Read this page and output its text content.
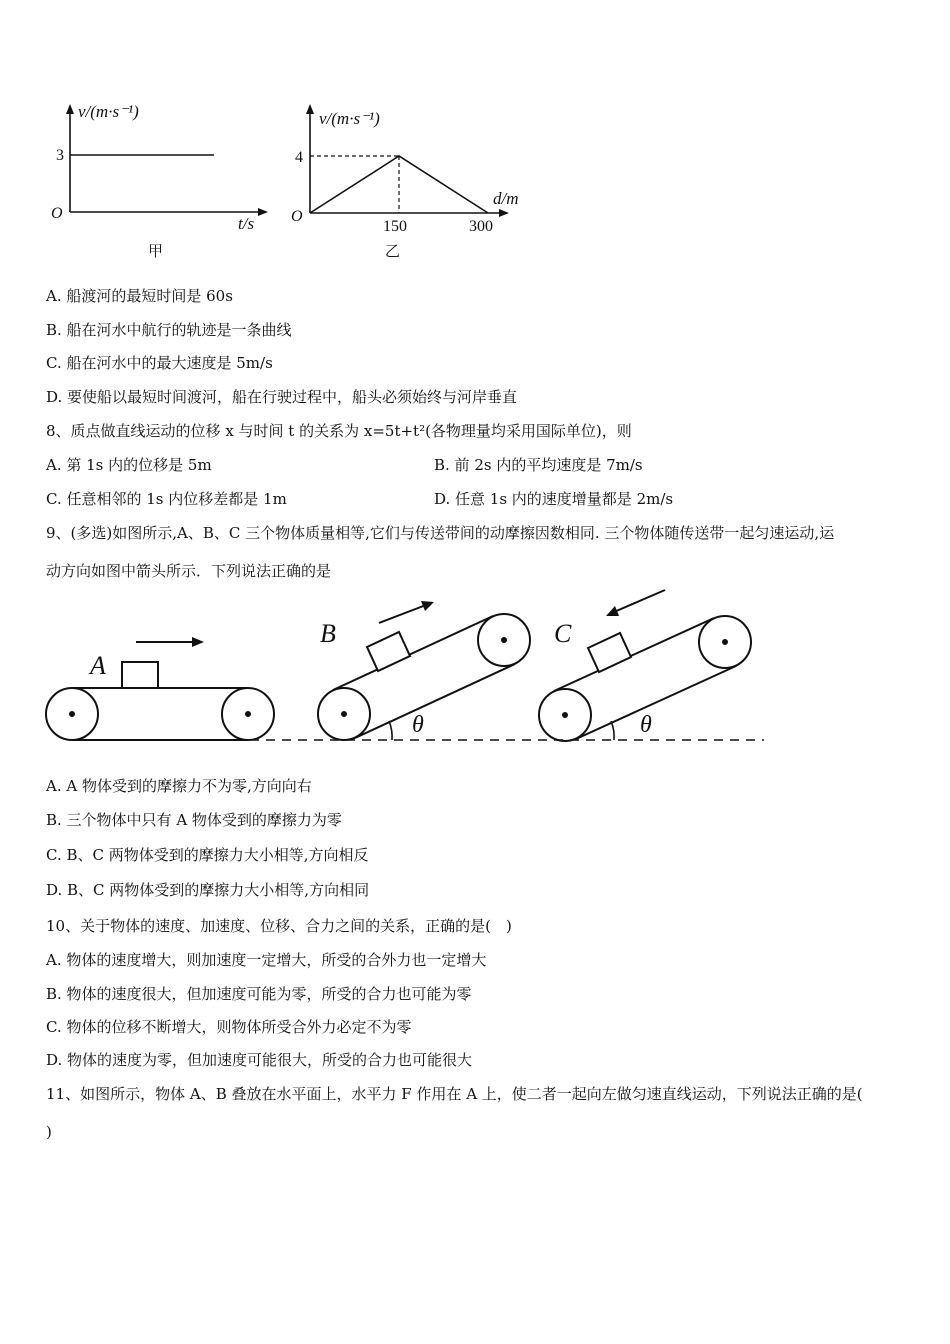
v/(m·s⁻¹)
3
O
t/s
甲
v/(m·s⁻¹)
4
O
d/m
150	300
乙
A. 船渡河的最短时间是 60s
B. 船在河水中航行的轨迹是一条曲线
C. 船在河水中的最大速度是 5m/s
D. 要使船以最短时间渡河，船在行驶过程中，船头必须始终与河岸垂直
8、质点做直线运动的位移 x 与时间 t 的关系为 x=5t+t²(各物理量均采用国际单位)，则
A. 第 1s 内的位移是 5m	B. 前 2s 内的平均速度是 7m/s
C. 任意相邻的 1s 内位移差都是 1m	D. 任意 1s 内的速度增量都是 2m/s
9、(多选)如图所示,A、B、C 三个物体质量相等,它们与传送带间的动摩擦因数相同. 三个物体随传送带一起匀速运动,运
动方向如图中箭头所示．下列说法正确的是
A
B
θ
C
θ
A. A 物体受到的摩擦力不为零,方向向右
B. 三个物体中只有 A 物体受到的摩擦力为零
C. B、C 两物体受到的摩擦力大小相等,方向相反
D. B、C 两物体受到的摩擦力大小相等,方向相同
10、关于物体的速度、加速度、位移、合力之间的关系，正确的是(　)
A. 物体的速度增大，则加速度一定增大，所受的合外力也一定增大
B. 物体的速度很大，但加速度可能为零，所受的合力也可能为零
C. 物体的位移不断增大，则物体所受合外力必定不为零
D. 物体的速度为零，但加速度可能很大，所受的合力也可能很大
11、如图所示，物体 A、B 叠放在水平面上，水平力 F 作用在 A 上，使二者一起向左做匀速直线运动，下列说法正确的是(
)
